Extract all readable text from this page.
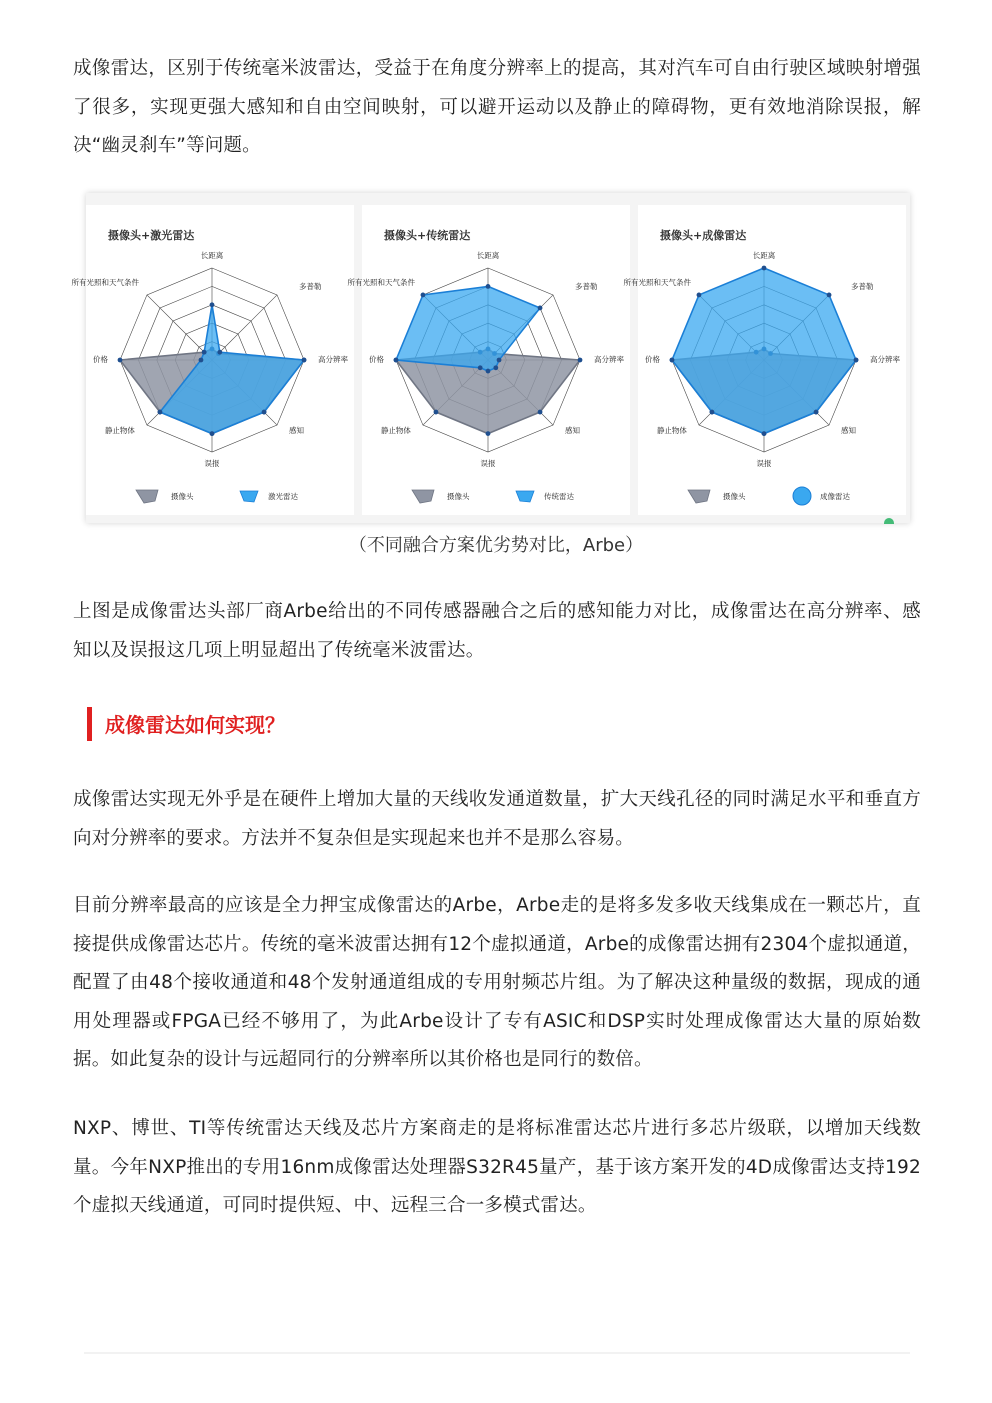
成像雷达，区别于传统毫米波雷达，受益于在角度分辨率上的提高，其对汽车可自由行驶区域映射增强了很多，实现更强大感知和自由空间映射，可以避开运动以及静止的障碍物，更有效地消除误报，解决“幽灵刹车”等问题。

摄像头+激光雷达
长距离
多普勒
高分辨率
感知
误报
静止物体
价格
所有光照和天气条件
摄像头	激光雷达
摄像头+传统雷达
长距离
多普勒
高分辨率
感知
误报
静止物体
价格
所有光照和天气条件
摄像头	传统雷达
摄像头+成像雷达
长距离
多普勒
高分辨率
感知
误报
静止物体
价格
所有光照和天气条件
摄像头	成像雷达
（不同融合方案优劣势对比，Arbe）

上图是成像雷达头部厂商Arbe给出的不同传感器融合之后的感知能力对比，成像雷达在高分辨率、感知以及误报这几项上明显超出了传统毫米波雷达。

成像雷达如何实现？

成像雷达实现无外乎是在硬件上增加大量的天线收发通道数量，扩大天线孔径的同时满足水平和垂直方向对分辨率的要求。方法并不复杂但是实现起来也并不是那么容易。

目前分辨率最高的应该是全力押宝成像雷达的Arbe，Arbe走的是将多发多收天线集成在一颗芯片，直接提供成像雷达芯片。传统的毫米波雷达拥有12个虚拟通道，Arbe的成像雷达拥有2304个虚拟通道，配置了由48个接收通道和48个发射通道组成的专用射频芯片组。为了解决这种量级的数据，现成的通用处理器或FPGA已经不够用了，为此Arbe设计了专有ASIC和DSP实时处理成像雷达大量的原始数据。如此复杂的设计与远超同行的分辨率所以其价格也是同行的数倍。

NXP、博世、TI等传统雷达天线及芯片方案商走的是将标准雷达芯片进行多芯片级联，以增加天线数量。今年NXP推出的专用16nm成像雷达处理器S32R45量产，基于该方案开发的4D成像雷达支持192个虚拟天线通道，可同时提供短、中、远程三合一多模式雷达。
